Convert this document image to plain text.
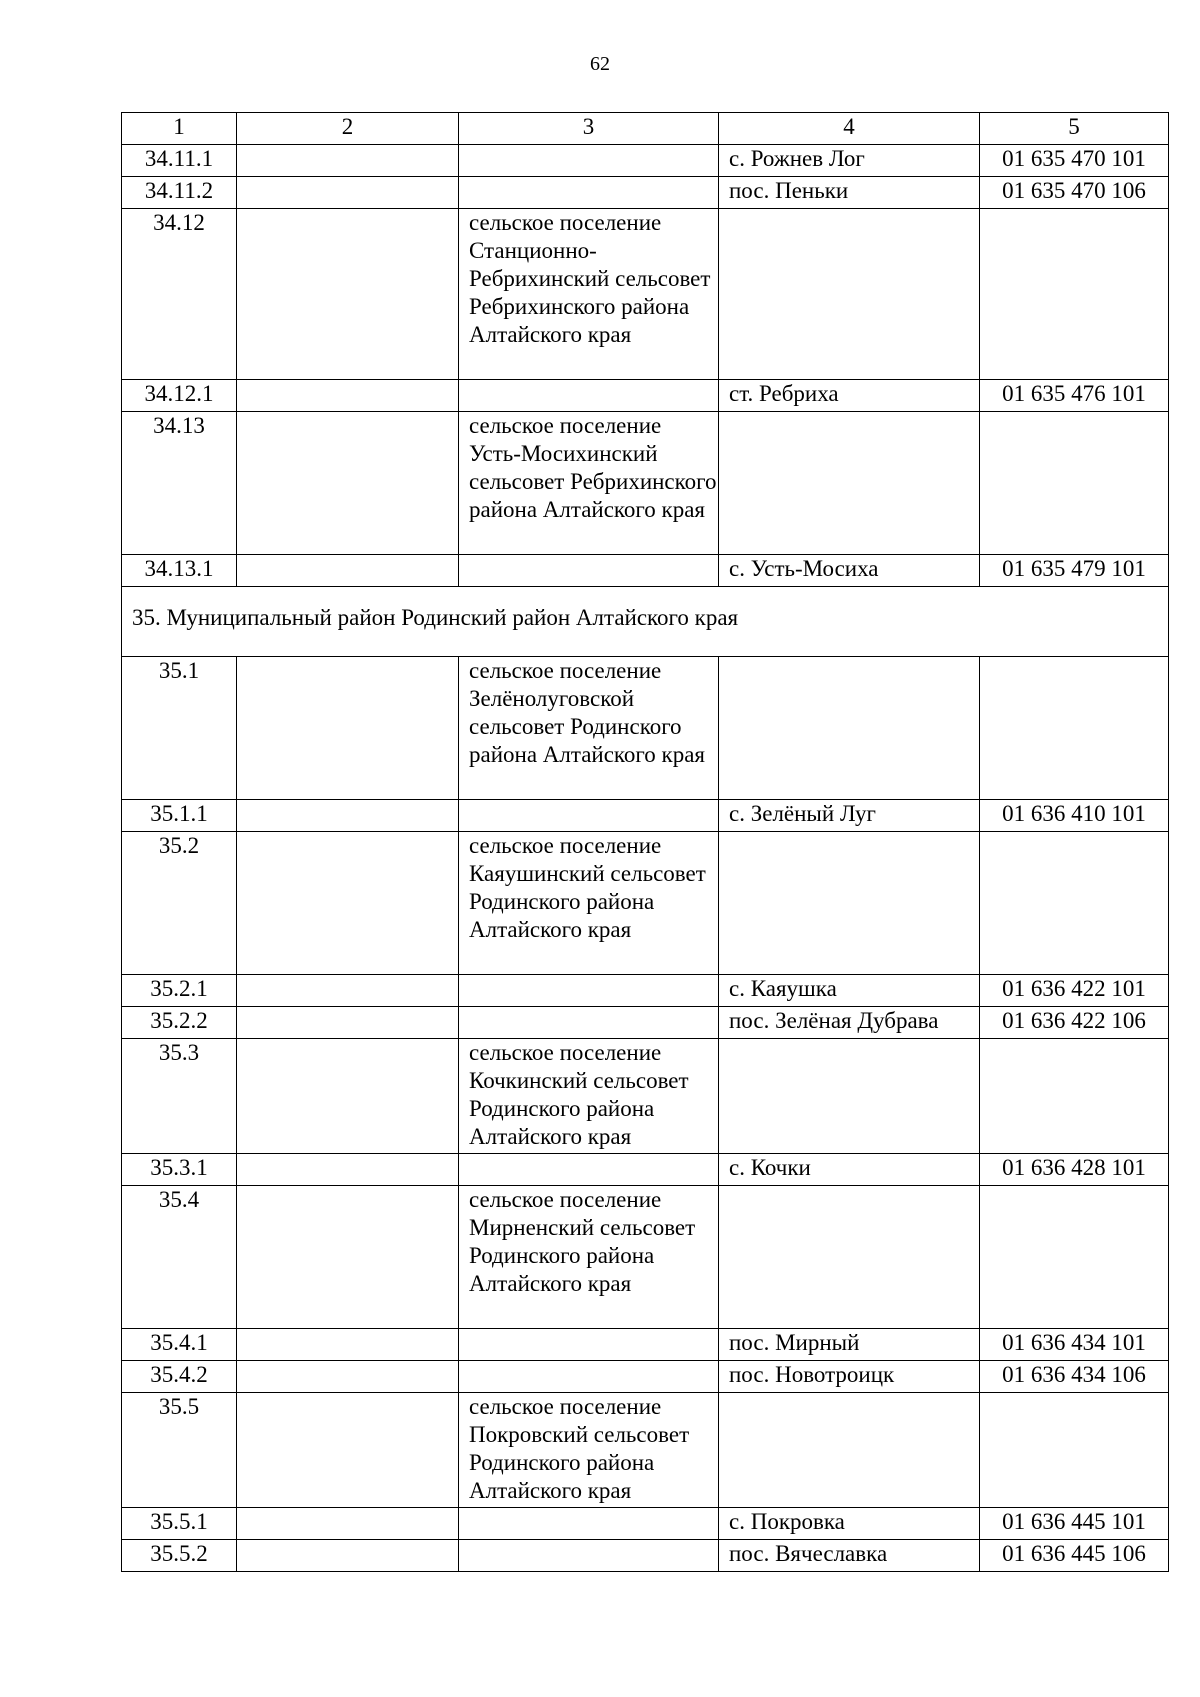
62
1	2	3	4	5
34.11.1			с. Рожнев Лог	01 635 470 101
34.11.2			пос. Пеньки	01 635 470 106
34.12		сельское поселение Станционно-Ребрихинский сельсовет Ребрихинского района Алтайского края		

34.12.1			ст. Ребриха	01 635 476 101
34.13		сельское поселение Усть-Мосихинский сельсовет Ребрихинского района Алтайского края		

34.13.1			с. Усть-Мосиха	01 635 479 101
35. Муниципальный район Родинский район Алтайского края				
35.1		сельское поселение Зелёнолуговской сельсовет Родинского района Алтайского края		

35.1.1			с. Зелёный Луг	01 636 410 101
35.2		сельское поселение Каяушинский сельсовет Родинского района Алтайского края		

35.2.1			с. Каяушка	01 636 422 101
35.2.2			пос. Зелёная Дубрава	01 636 422 106
35.3		сельское поселение Кочкинский сельсовет Родинского района Алтайского края		

35.3.1			с. Кочки	01 636 428 101
35.4		сельское поселение Мирненский сельсовет Родинского района Алтайского края		

35.4.1			пос. Мирный	01 636 434 101
35.4.2			пос. Новотроицк	01 636 434 106
35.5		сельское поселение Покровский сельсовет Родинского района Алтайского края		

35.5.1			с. Покровка	01 636 445 101
35.5.2			пос. Вячеславка	01 636 445 106
